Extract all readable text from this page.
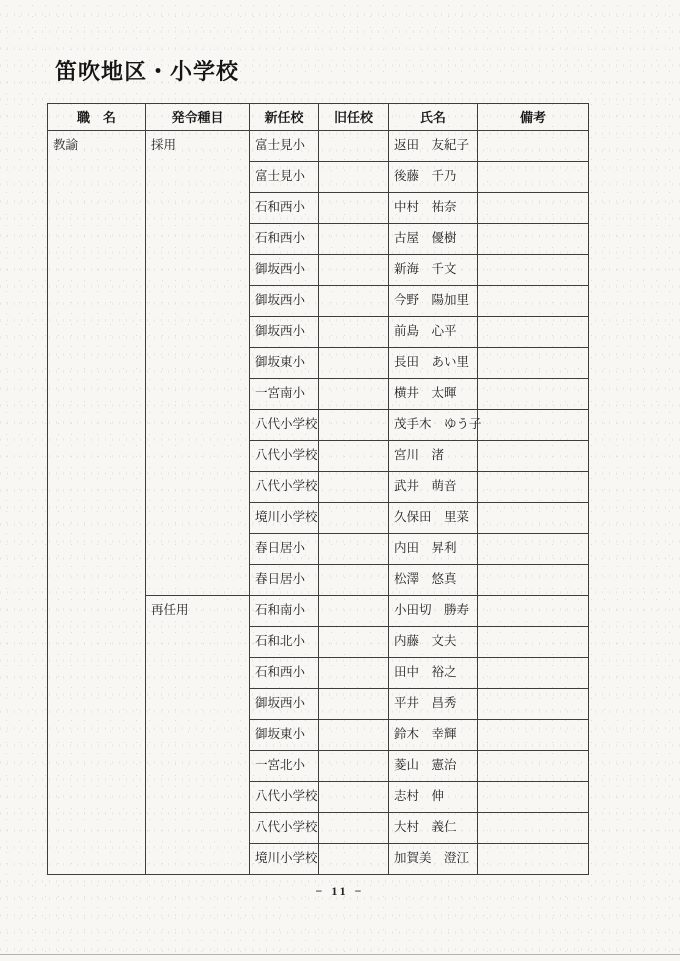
笛吹地区・小学校
職　名	発令種目	新任校	旧任校	氏名	備考
教諭	採用	富士見小		返田　友紀子	
		富士見小		後藤　千乃	
		石和西小		中村　祐奈	
		石和西小		古屋　優樹	
		御坂西小		新海　千文	
		御坂西小		今野　陽加里	
		御坂西小		前島　心平	
		御坂東小		長田　あい里	
		一宮南小		横井　太暉	
		八代小学校		茂手木　ゆう子	
		八代小学校		宮川　渚	
		八代小学校		武井　萌音	
		境川小学校		久保田　里菜	
		春日居小		内田　昇利	
		春日居小		松澤　悠真	
	再任用	石和南小		小田切　勝寿	
		石和北小		内藤　文夫	
		石和西小		田中　裕之	
		御坂西小		平井　昌秀	
		御坂東小		鈴木　幸輝	
		一宮北小		菱山　憲治	
		八代小学校		志村　伸	
		八代小学校		大村　義仁	
		境川小学校		加賀美　澄江	
− 11 −
